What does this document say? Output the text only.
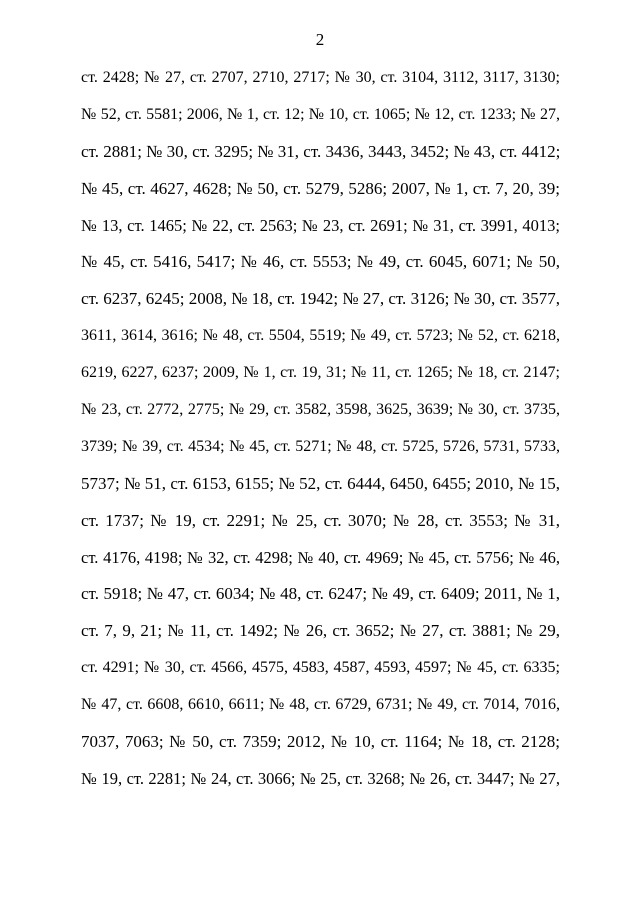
2
ст. 2428; № 27, ст. 2707, 2710, 2717; № 30, ст. 3104, 3112, 3117, 3130;
№ 52, ст. 5581; 2006, № 1, ст. 12; № 10, ст. 1065; № 12, ст. 1233; № 27,
ст. 2881; № 30, ст. 3295; № 31, ст. 3436, 3443, 3452; № 43, ст. 4412;
№ 45, ст. 4627, 4628; № 50, ст. 5279, 5286; 2007, № 1, ст. 7, 20, 39;
№ 13, ст. 1465; № 22, ст. 2563; № 23, ст. 2691; № 31, ст. 3991, 4013;
№ 45, ст. 5416, 5417; № 46, ст. 5553; № 49, ст. 6045, 6071; № 50,
ст. 6237, 6245; 2008, № 18, ст. 1942; № 27, ст. 3126; № 30, ст. 3577,
3611, 3614, 3616; № 48, ст. 5504, 5519; № 49, ст. 5723; № 52, ст. 6218,
6219, 6227, 6237; 2009, № 1, ст. 19, 31; № 11, ст. 1265; № 18, ст. 2147;
№ 23, ст. 2772, 2775; № 29, ст. 3582, 3598, 3625, 3639; № 30, ст. 3735,
3739; № 39, ст. 4534; № 45, ст. 5271; № 48, ст. 5725, 5726, 5731, 5733,
5737; № 51, ст. 6153, 6155; № 52, ст. 6444, 6450, 6455; 2010, № 15,
ст. 1737; № 19, ст. 2291; № 25, ст. 3070; № 28, ст. 3553; № 31,
ст. 4176, 4198; № 32, ст. 4298; № 40, ст. 4969; № 45, ст. 5756; № 46,
ст. 5918; № 47, ст. 6034; № 48, ст. 6247; № 49, ст. 6409; 2011, № 1,
ст. 7, 9, 21; № 11, ст. 1492; № 26, ст. 3652; № 27, ст. 3881; № 29,
ст. 4291; № 30, ст. 4566, 4575, 4583, 4587, 4593, 4597; № 45, ст. 6335;
№ 47, ст. 6608, 6610, 6611; № 48, ст. 6729, 6731; № 49, ст. 7014, 7016,
7037, 7063; № 50, ст. 7359; 2012, № 10, ст. 1164; № 18, ст. 2128;
№ 19, ст. 2281; № 24, ст. 3066; № 25, ст. 3268; № 26, ст. 3447; № 27,
